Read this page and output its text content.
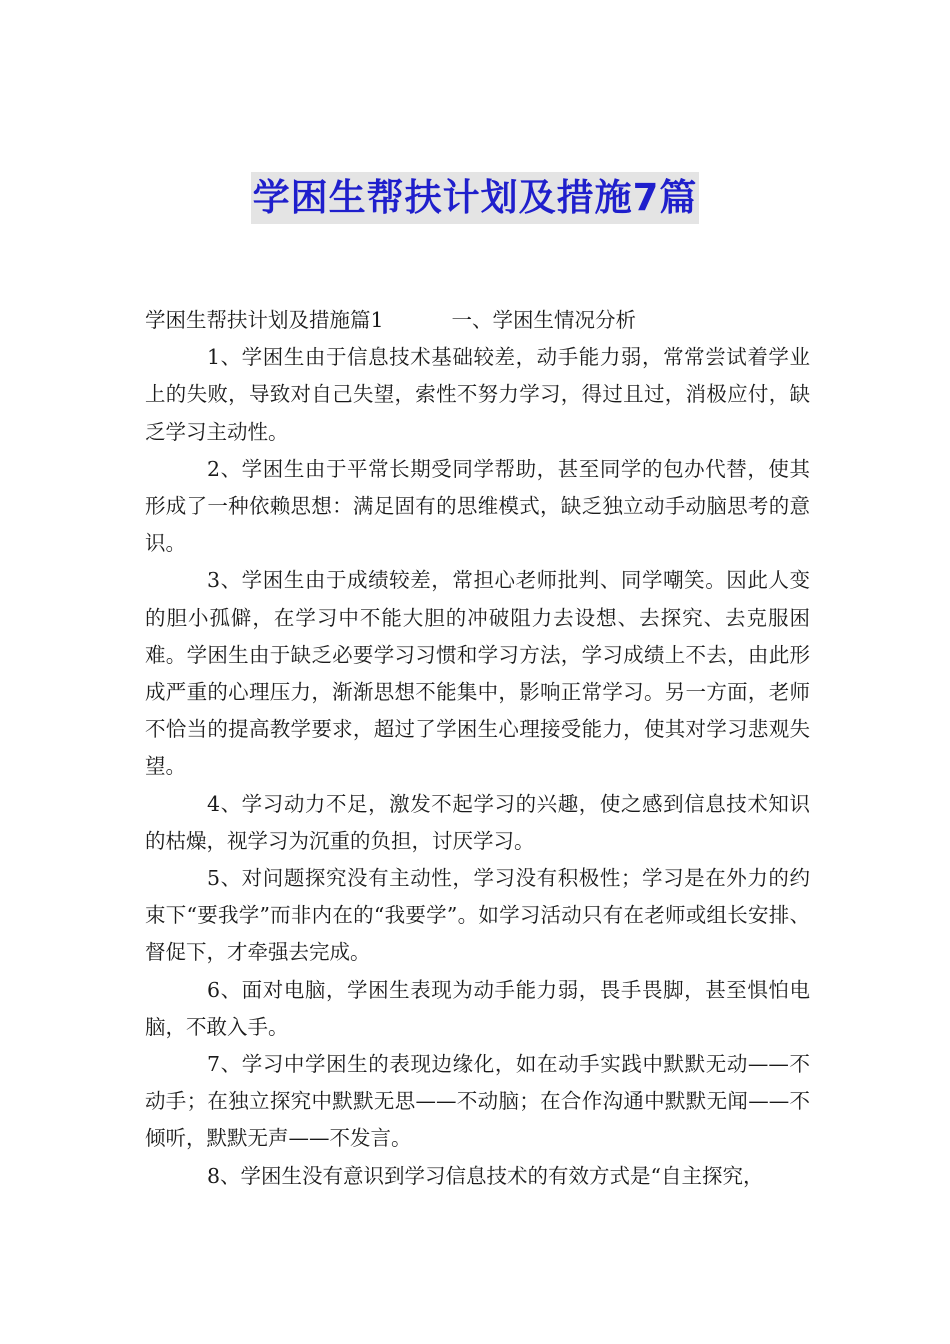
学困生帮扶计划及措施7篇

学困生帮扶计划及措施篇1	一、学困生情况分析

1、学困生由于信息技术基础较差，动手能力弱，常常尝试着学业上的失败，导致对自己失望，索性不努力学习，得过且过，消极应付，缺乏学习主动性。

2、学困生由于平常长期受同学帮助，甚至同学的包办代替，使其形成了一种依赖思想：满足固有的思维模式，缺乏独立动手动脑思考的意识。

3、学困生由于成绩较差，常担心老师批判、同学嘲笑。因此人变的胆小孤僻，在学习中不能大胆的冲破阻力去设想、去探究、去克服困难。学困生由于缺乏必要学习习惯和学习方法，学习成绩上不去，由此形成严重的心理压力，渐渐思想不能集中，影响正常学习。另一方面，老师不恰当的提高教学要求，超过了学困生心理接受能力，使其对学习悲观失望。

4、学习动力不足，激发不起学习的兴趣，使之感到信息技术知识的枯燥，视学习为沉重的负担，讨厌学习。

5、对问题探究没有主动性，学习没有积极性；学习是在外力的约束下“要我学”而非内在的“我要学”。如学习活动只有在老师或组长安排、督促下，才牵强去完成。

6、面对电脑，学困生表现为动手能力弱，畏手畏脚，甚至惧怕电脑，不敢入手。

7、学习中学困生的表现边缘化，如在动手实践中默默无动——不动手；在独立探究中默默无思——不动脑；在合作沟通中默默无闻——不倾听，默默无声——不发言。

8、学困生没有意识到学习信息技术的有效方式是“自主探究，
